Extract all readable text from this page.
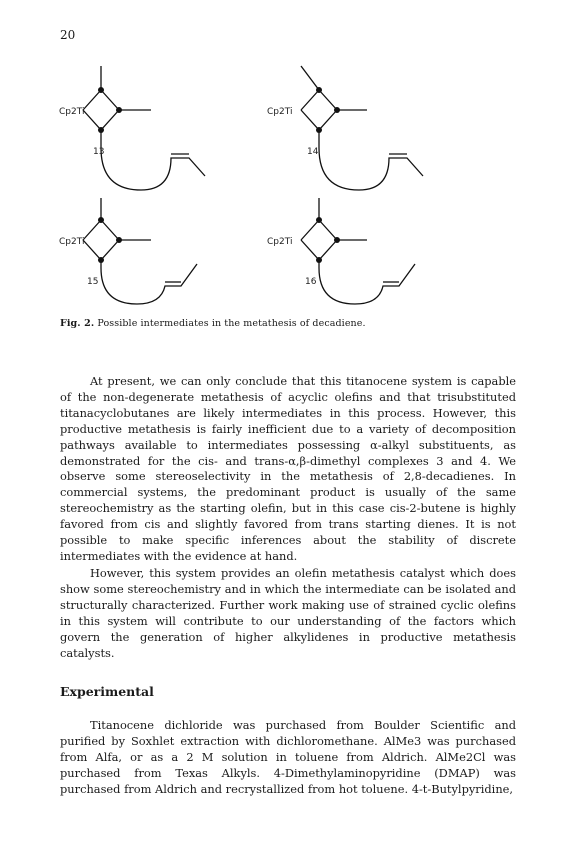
20
Cp2Ti
13
Cp2Ti
14
Cp2Ti
15
Cp2Ti
16
Fig. 2. Possible intermediates in the metathesis of decadiene.

At present, we can only conclude that this titanocene system is capable of the non-degenerate metathesis of acyclic olefins and that trisubstituted titanacyclobutanes are likely intermediates in this process. However, this productive metathesis is fairly inefficient due to a variety of decomposition pathways available to intermediates possessing α-alkyl substituents, as demonstrated for the cis- and trans-α,β-dimethyl complexes 3 and 4. We observe some stereoselectivity in the metathesis of 2,8-decadienes. In commercial systems, the predominant product is usually of the same stereochemistry as the starting olefin, but in this case cis-2-butene is highly favored from cis and slightly favored from trans starting dienes. It is not possible to make specific inferences about the stability of discrete intermediates with the evidence at hand.

However, this system provides an olefin metathesis catalyst which does show some stereochemistry and in which the intermediate can be isolated and structurally characterized. Further work making use of strained cyclic olefins in this system will contribute to our understanding of the factors which govern the generation of higher alkylidenes in productive metathesis catalysts.

Experimental

Titanocene dichloride was purchased from Boulder Scientific and purified by Soxhlet extraction with dichloromethane. AlMe3 was purchased from Alfa, or as a 2 M solution in toluene from Aldrich. AlMe2Cl was purchased from Texas Alkyls. 4-Dimethylaminopyridine (DMAP) was purchased from Aldrich and recrystallized from hot toluene. 4-t-Butylpyridine,
